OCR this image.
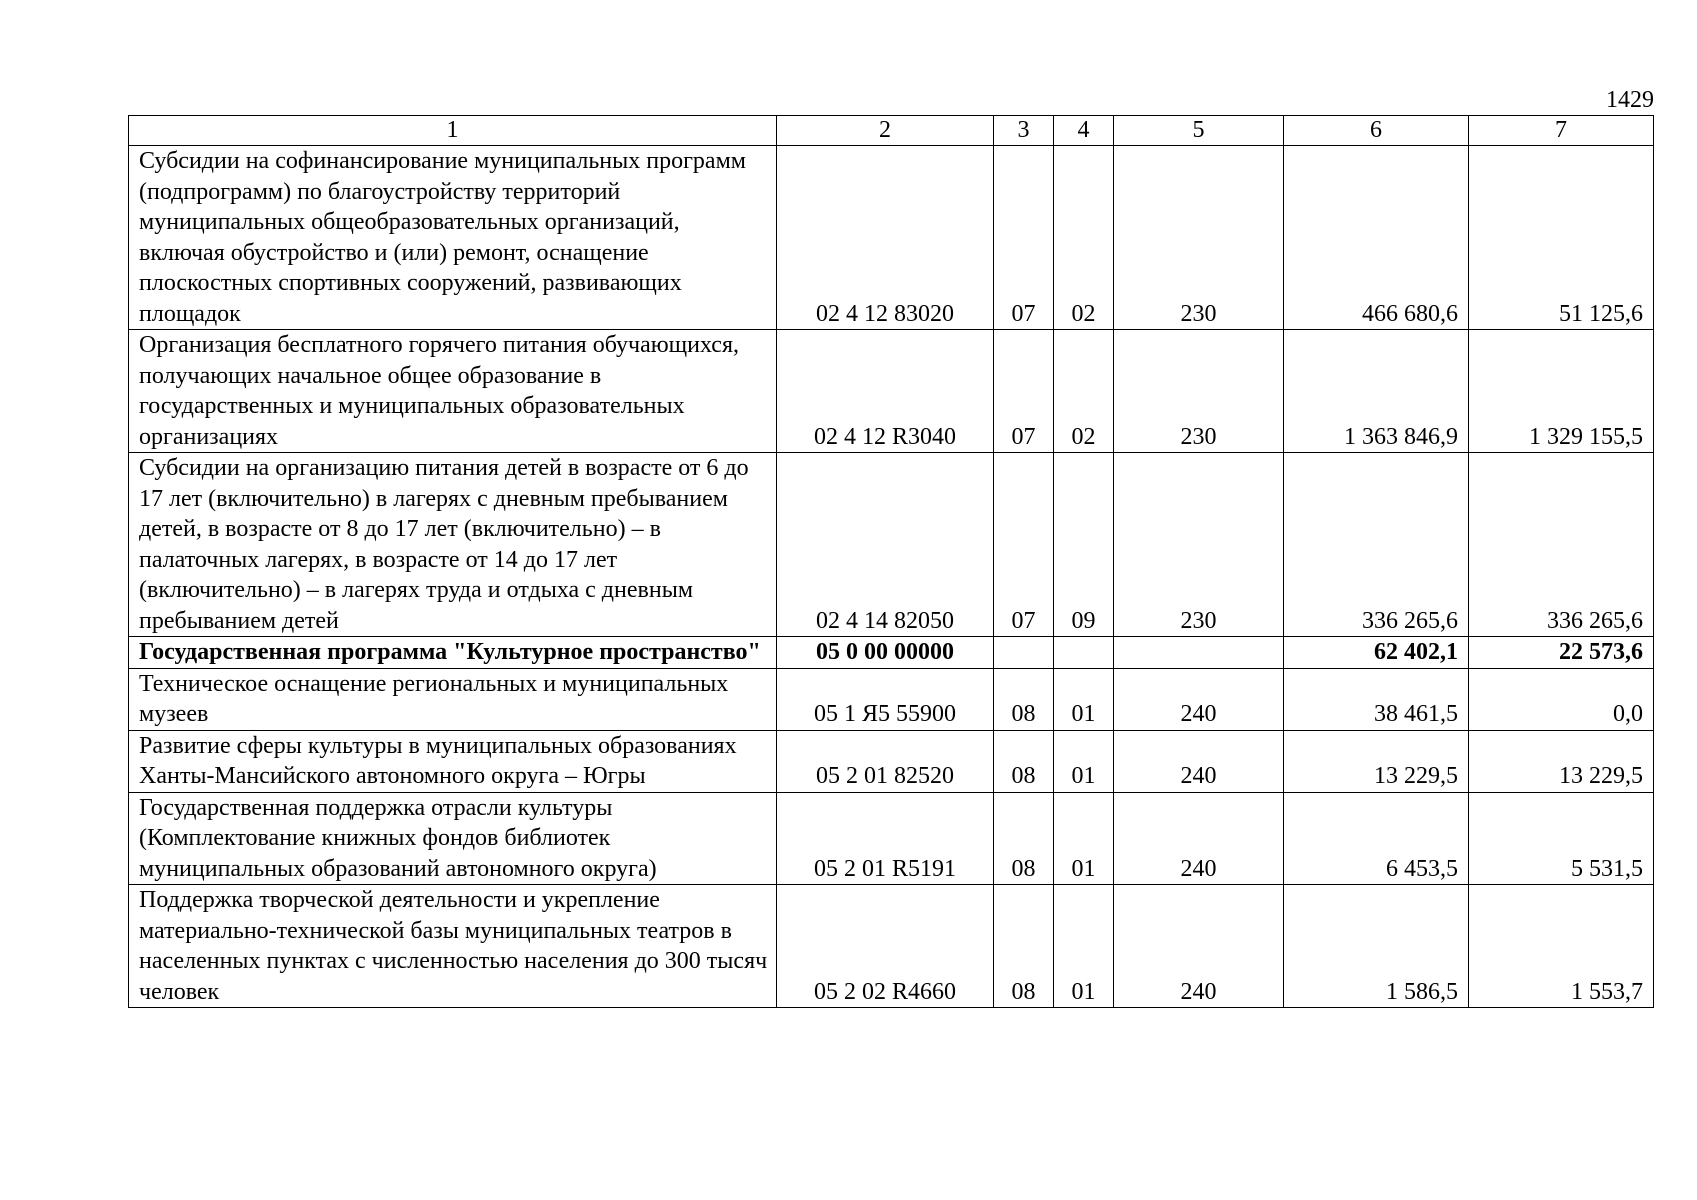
1429
1	2	3	4	5	6	7
Субсидии на софинансирование муниципальных программ (подпрограмм) по благоустройству территорий муниципальных общеобразовательных организаций, включая обустройство и (или) ремонт, оснащение плоскостных спортивных сооружений, развивающих площадок	02 4 12 83020	07	02	230	466 680,6	51 125,6
Организация бесплатного горячего питания обучающихся, получающих начальное общее образование в государственных и муниципальных образовательных организациях	02 4 12 R3040	07	02	230	1 363 846,9	1 329 155,5
Субсидии на организацию питания детей в возрасте от 6 до 17 лет (включительно) в лагерях с дневным пребыванием детей, в возрасте от 8 до 17 лет (включительно) – в палаточных лагерях, в возрасте от 14 до 17 лет (включительно) – в лагерях труда и отдыха с дневным пребыванием детей	02 4 14 82050	07	09	230	336 265,6	336 265,6
Государственная программа "Культурное пространство"	05 0 00 00000				62 402,1	22 573,6
Техническое оснащение региональных и муниципальных музеев	05 1 Я5 55900	08	01	240	38 461,5	0,0
Развитие сферы культуры в муниципальных образованиях Ханты-Мансийского автономного округа – Югры	05 2 01 82520	08	01	240	13 229,5	13 229,5
Государственная поддержка отрасли культуры (Комплектование книжных фондов библиотек муниципальных образований автономного округа)	05 2 01 R5191	08	01	240	6 453,5	5 531,5
Поддержка творческой деятельности и укрепление материально-технической базы муниципальных театров в населенных пунктах с численностью населения до 300 тысяч человек	05 2 02 R4660	08	01	240	1 586,5	1 553,7
